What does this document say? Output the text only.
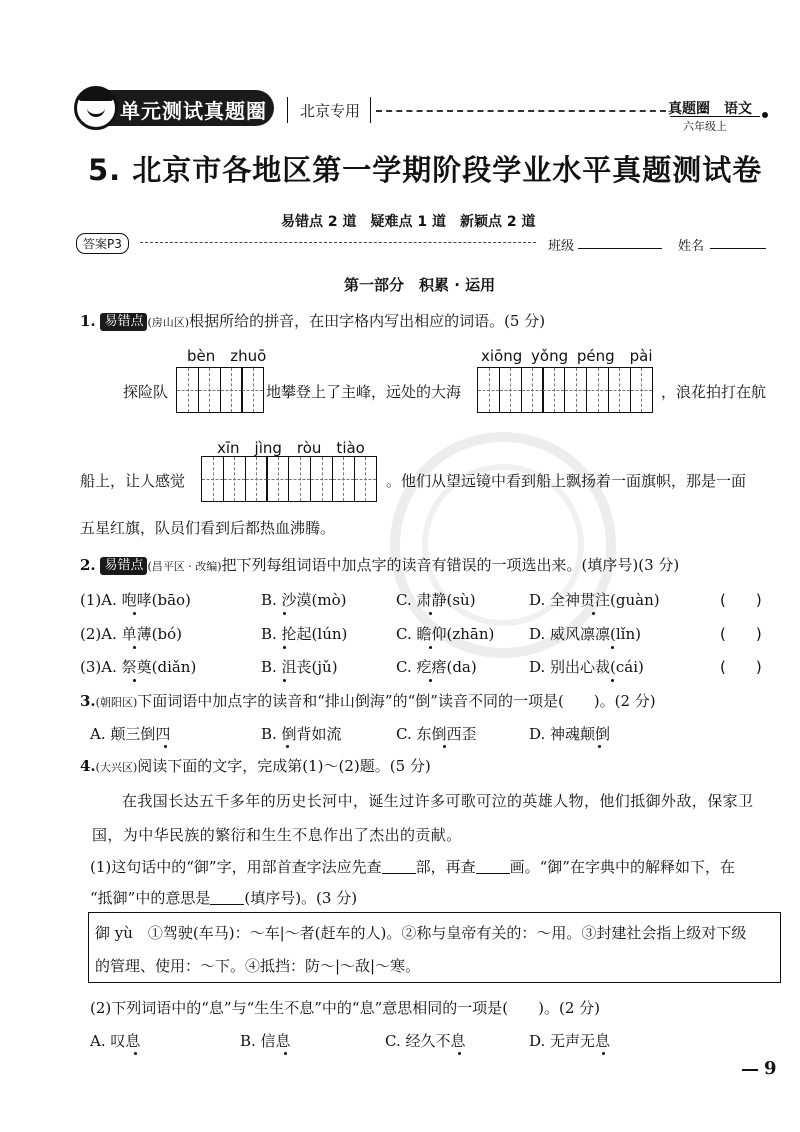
单元测试真题圈 北京专用	真题圈　语文
六年级上
5. 北京市各地区第一学期阶段学业水平真题测试卷
易错点 2 道　疑难点 1 道　新颖点 2 道
答案P3	班级	姓名
第一部分　积累 · 运用
1. 易错点 (房山区)根据所给的拼音，在田字格内写出相应的词语。(5 分)
bèn　zhuō	xiōng yǒng péng　pài
探险队	地攀登上了主峰，远处的大海	，浪花拍打在航
xīn　jìng　ròu　tiào
船上，让人感觉	。他们从望远镜中看到船上飘扬着一面旗帜，那是一面
五星红旗，队员们看到后都热血沸腾。
2. 易错点 (昌平区 · 改编)把下列每组词语中加点字的读音有错误的一项选出来。(填序号)(3 分)
(1)A. 咆哮(bāo)	B. 沙漠(mò)	C. 肃静(sù)	D. 全神贯注(guàn)	(　　)
(2)A. 单薄(bó)	B. 抡起(lún)	C. 瞻仰(zhān) D. 威风凛凛(lǐn)	(　　)
(3)A. 祭奠(diǎn)	B. 沮丧(jǔ)	C. 疙瘩(da)	D. 别出心裁(cái)	(　　)
3.(朝阳区)下面词语中加点字的读音和“排山倒海”的“倒”读音不同的一项是(　　)。(2 分)
A. 颠三倒四	B. 倒背如流	C. 东倒西歪	D. 神魂颠倒
4.(大兴区)阅读下面的文字，完成第(1)～(2)题。(5 分)
在我国长达五千多年的历史长河中，诞生过许多可歌可泣的英雄人物，他们抵御外敌，保家卫
国，为中华民族的繁衍和生生不息作出了杰出的贡献。
(1)这句话中的“御”字，用部首查字法应先查 部，再查 画。“御”在字典中的解释如下，在
“抵御”中的意思是 (填序号)。(3 分)
御 yù　①驾驶(车马)：～车|～者(赶车的人)。②称与皇帝有关的：～用。③封建社会指上级对下级
的管理、使用：～下。④抵挡：防～|～敌|～寒。
(2)下列词语中的“息”与“生生不息”中的“息”意思相同的一项是(　　)。(2 分)
A. 叹息	B. 信息	C. 经久不息	D. 无声无息
9
